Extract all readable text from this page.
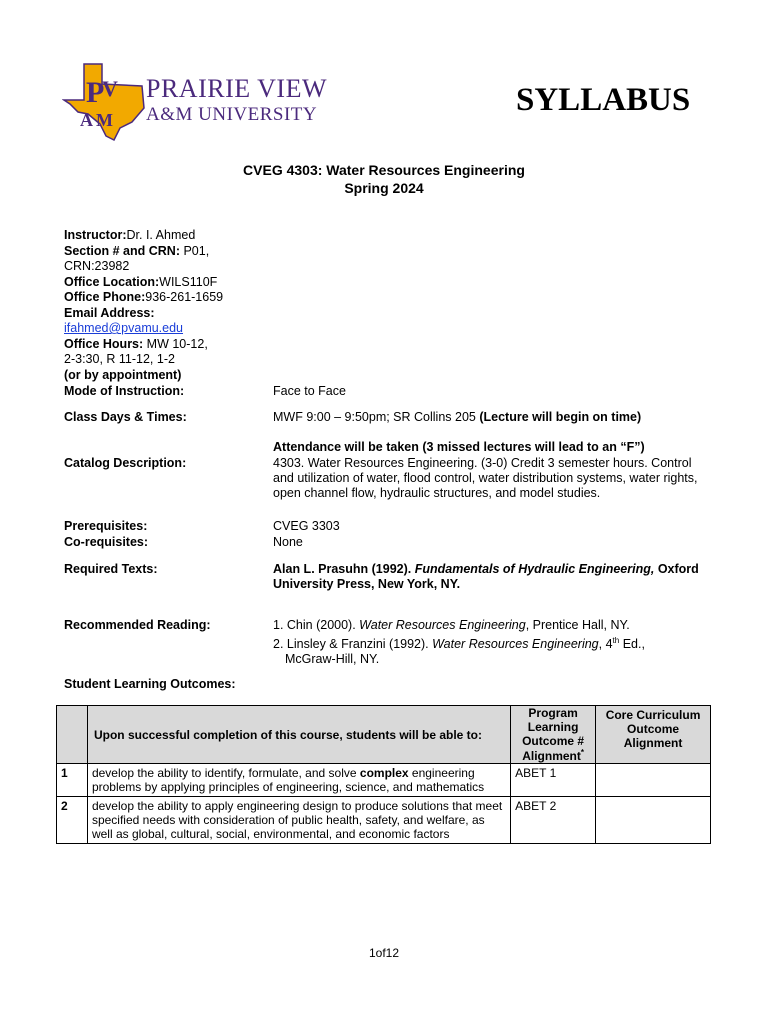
P
V
A M
PRAIRIE VIEW
A&M UNIVERSITY	SYLLABUS
CVEG 4303: Water Resources Engineering
Spring 2024
Instructor:Dr. I. Ahmed
Section # and CRN: P01,
CRN:23982
Office Location:WILS110F
Office Phone:936-261-1659
Email Address:
ifahmed@pvamu.edu
Office Hours: MW 10-12,
2-3:30, R 11-12, 1-2
(or by appointment)
Mode of Instruction:	Face to Face
Class Days & Times:	MWF 9:00 – 9:50pm; SR Collins 205 (Lecture will begin on time)
Attendance will be taken (3 missed lectures will lead to an “F”)
Catalog Description:	4303. Water Resources Engineering. (3-0) Credit 3 semester hours. Control and utilization of water, flood control, water distribution systems, water rights, open channel flow, hydraulic structures, and model studies.
Prerequisites:	CVEG 3303
Co-requisites:	None
Required Texts:	Alan L. Prasuhn (1992). Fundamentals of Hydraulic Engineering, Oxford University Press, New York, NY.
Recommended Reading:	1. Chin (2000). Water Resources Engineering, Prentice Hall, NY.
2. Linsley & Franzini (1992). Water Resources Engineering, 4th Ed.,
McGraw-Hill, NY.
Student Learning Outcomes:
	Upon successful completion of this course, students will be able to:	Program Learning Outcome # Alignment*	Core Curriculum Outcome Alignment
1	develop the ability to identify, formulate, and solve complex engineering problems by applying principles of engineering, science, and mathematics	ABET 1	
2	develop the ability to apply engineering design to produce solutions that meet specified needs with consideration of public health, safety, and welfare, as well as global, cultural, social, environmental, and economic factors	ABET 2	
1of12
